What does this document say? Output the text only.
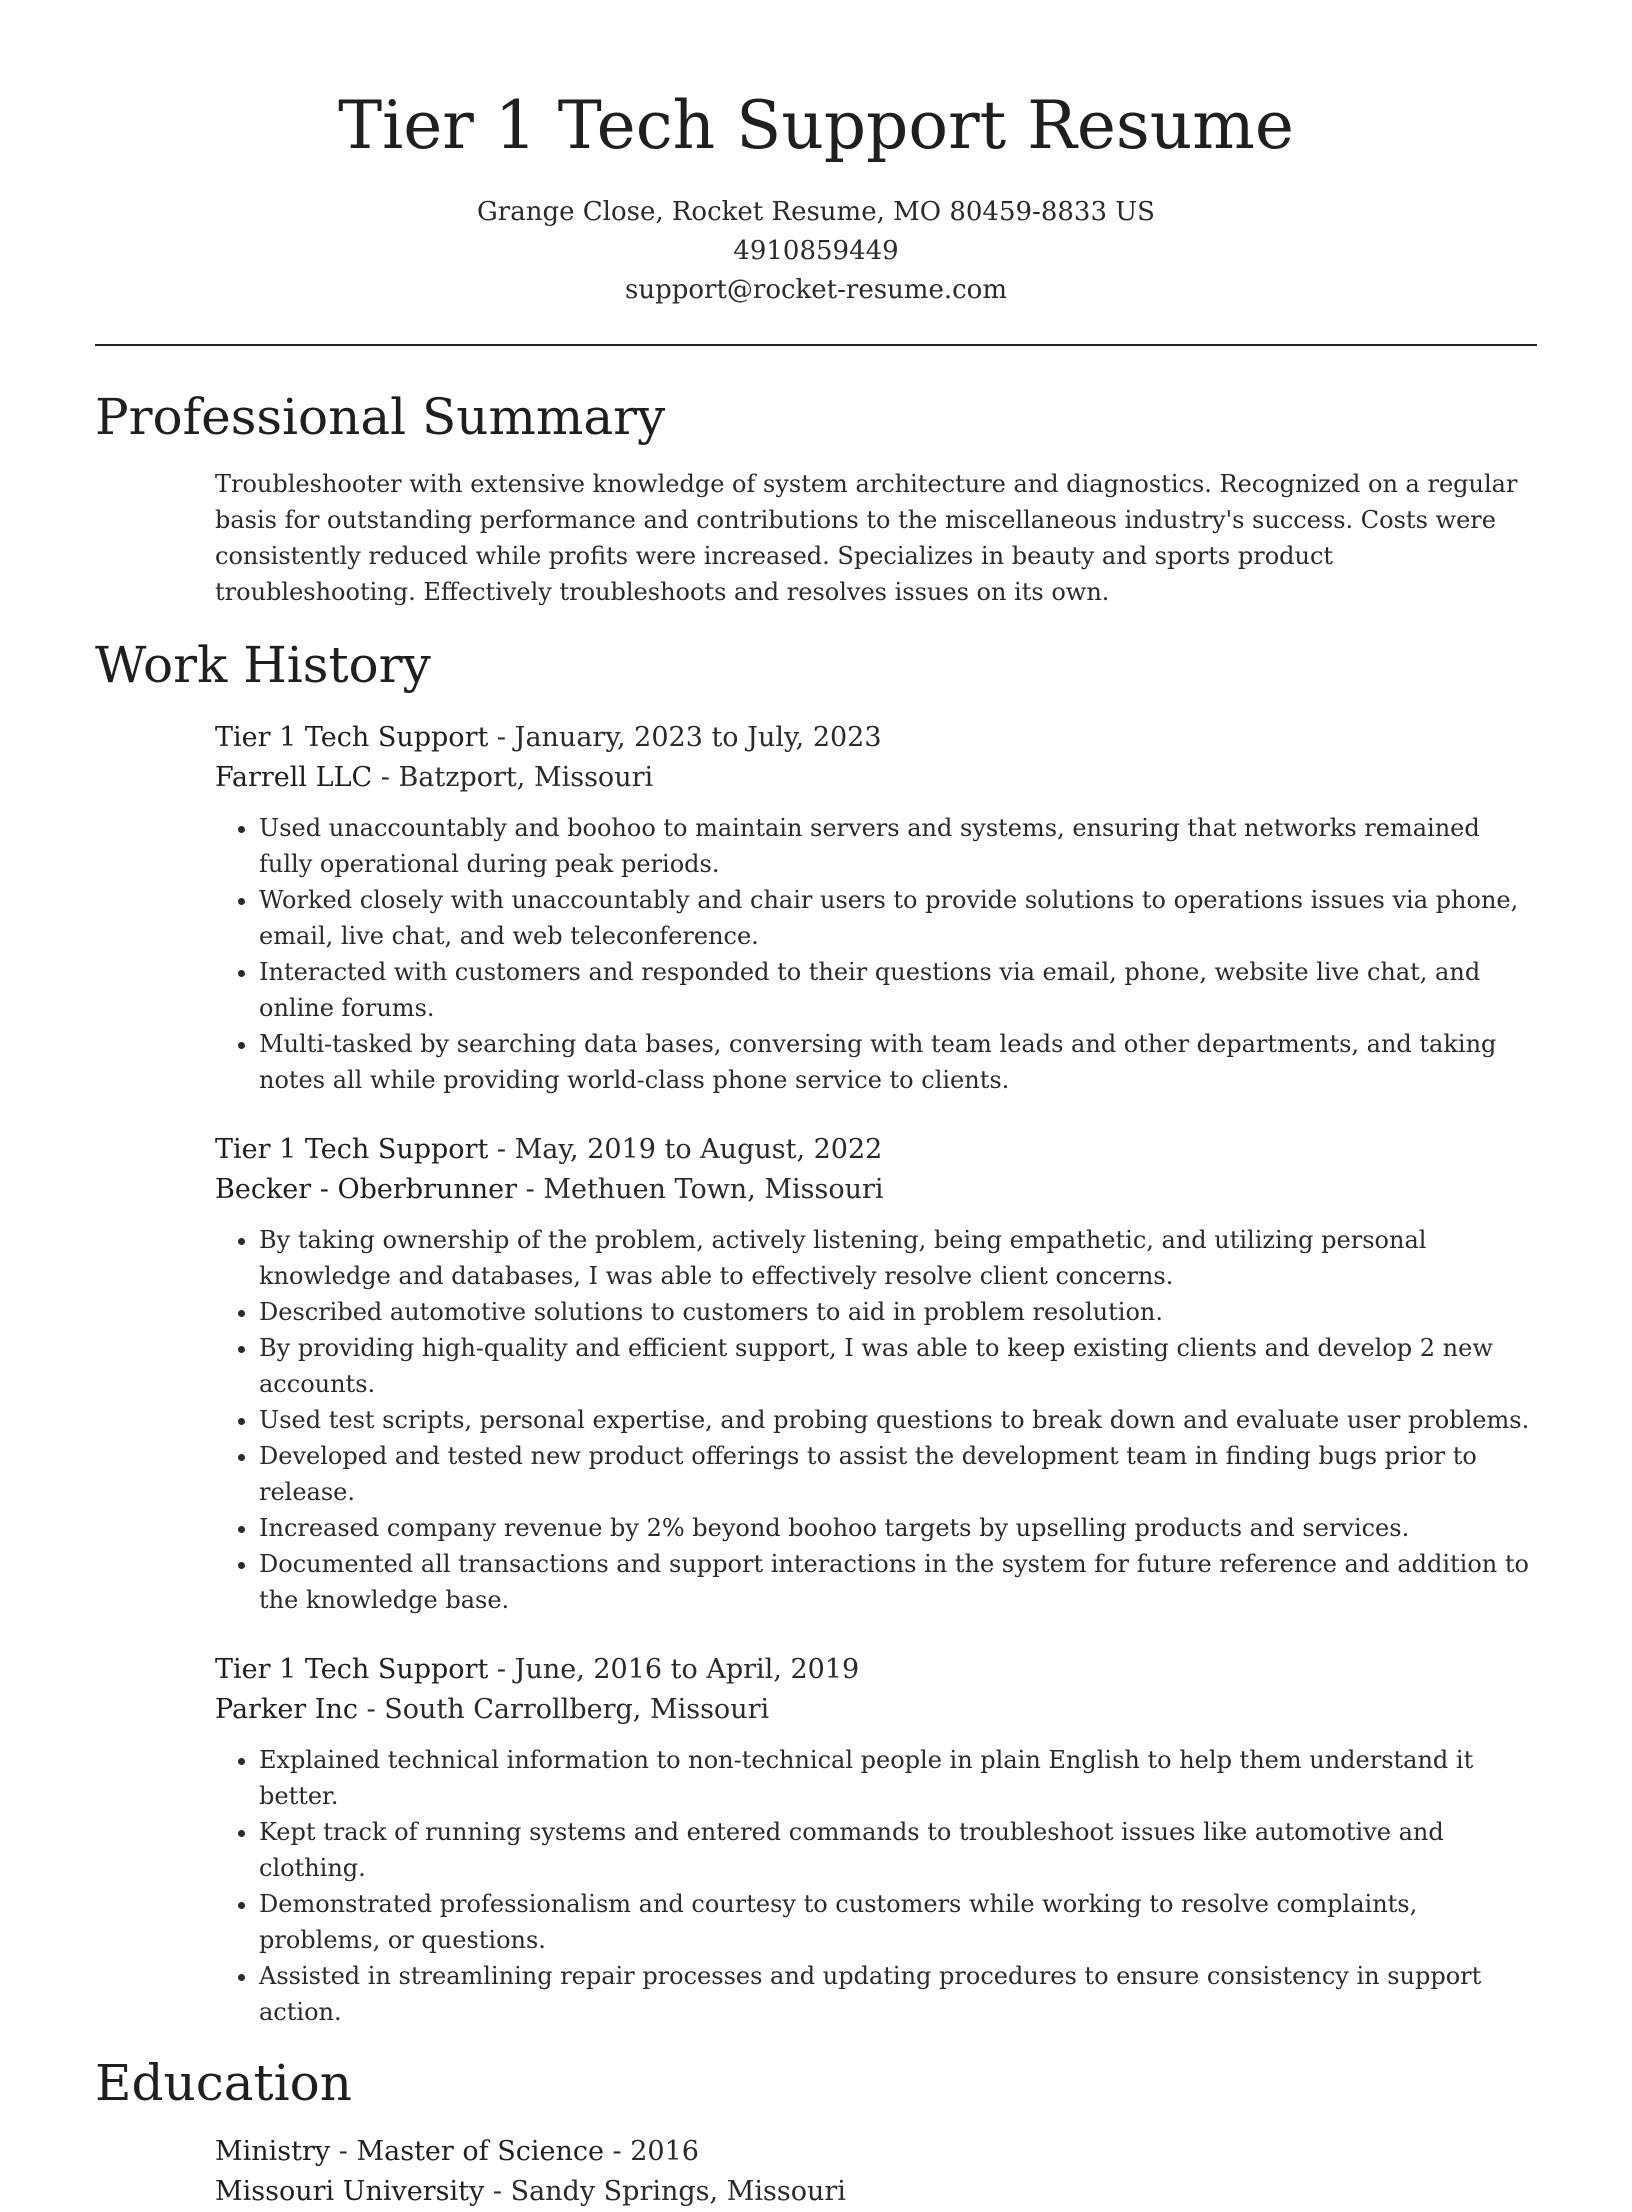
Tier 1 Tech Support Resume
Grange Close, Rocket Resume, MO 80459-8833 US
4910859449
support@rocket-resume.com
Professional Summary

Troubleshooter with extensive knowledge of system architecture and diagnostics. Recognized on a regular basis for outstanding performance and contributions to the miscellaneous industry's success. Costs were consistently reduced while profits were increased. Specializes in beauty and sports product troubleshooting. Effectively troubleshoots and resolves issues on its own.

Work History
Tier 1 Tech Support - January, 2023 to July, 2023
Farrell LLC - Batzport, Missouri
• Used unaccountably and boohoo to maintain servers and systems, ensuring that networks remained fully operational during peak periods.
• Worked closely with unaccountably and chair users to provide solutions to operations issues via phone, email, live chat, and web teleconference.
• Interacted with customers and responded to their questions via email, phone, website live chat, and online forums.
• Multi-tasked by searching data bases, conversing with team leads and other departments, and taking notes all while providing world-class phone service to clients.
Tier 1 Tech Support - May, 2019 to August, 2022
Becker - Oberbrunner - Methuen Town, Missouri
• By taking ownership of the problem, actively listening, being empathetic, and utilizing personal knowledge and databases, I was able to effectively resolve client concerns.
• Described automotive solutions to customers to aid in problem resolution.
• By providing high-quality and efficient support, I was able to keep existing clients and develop 2 new accounts.
• Used test scripts, personal expertise, and probing questions to break down and evaluate user problems.
• Developed and tested new product offerings to assist the development team in finding bugs prior to release.
• Increased company revenue by 2% beyond boohoo targets by upselling products and services.
• Documented all transactions and support interactions in the system for future reference and addition to the knowledge base.
Tier 1 Tech Support - June, 2016 to April, 2019
Parker Inc - South Carrollberg, Missouri
• Explained technical information to non-technical people in plain English to help them understand it better.
• Kept track of running systems and entered commands to troubleshoot issues like automotive and clothing.
• Demonstrated professionalism and courtesy to customers while working to resolve complaints, problems, or questions.
• Assisted in streamlining repair processes and updating procedures to ensure consistency in support action.
Education
Ministry - Master of Science - 2016
Missouri University - Sandy Springs, Missouri
